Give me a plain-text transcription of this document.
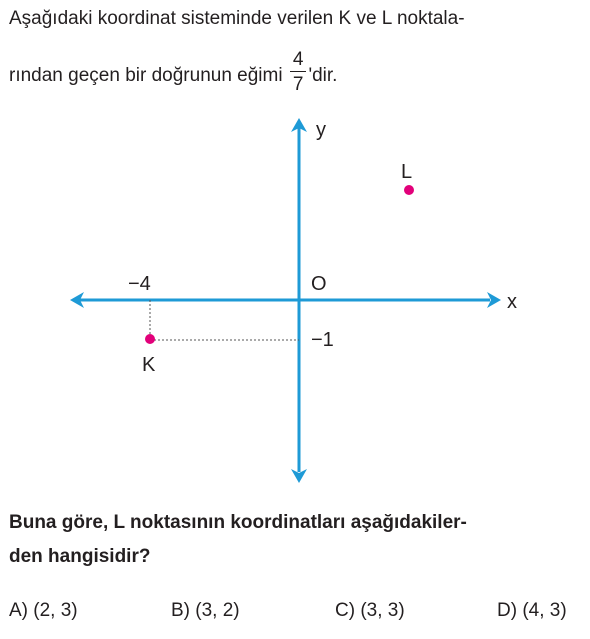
Aşağıdaki koordinat sisteminde verilen K ve L noktala-
rından geçen bir doğrunun eğimi $\frac{4}{7}$ 'dir.
y
x
O
−4
−1
K
L
Buna göre, L noktasının koordinatları aşağıdakiler-
den hangisidir?
A) (2, 3)	B) (3, 2)	C) (3, 3)	D) (4, 3)
